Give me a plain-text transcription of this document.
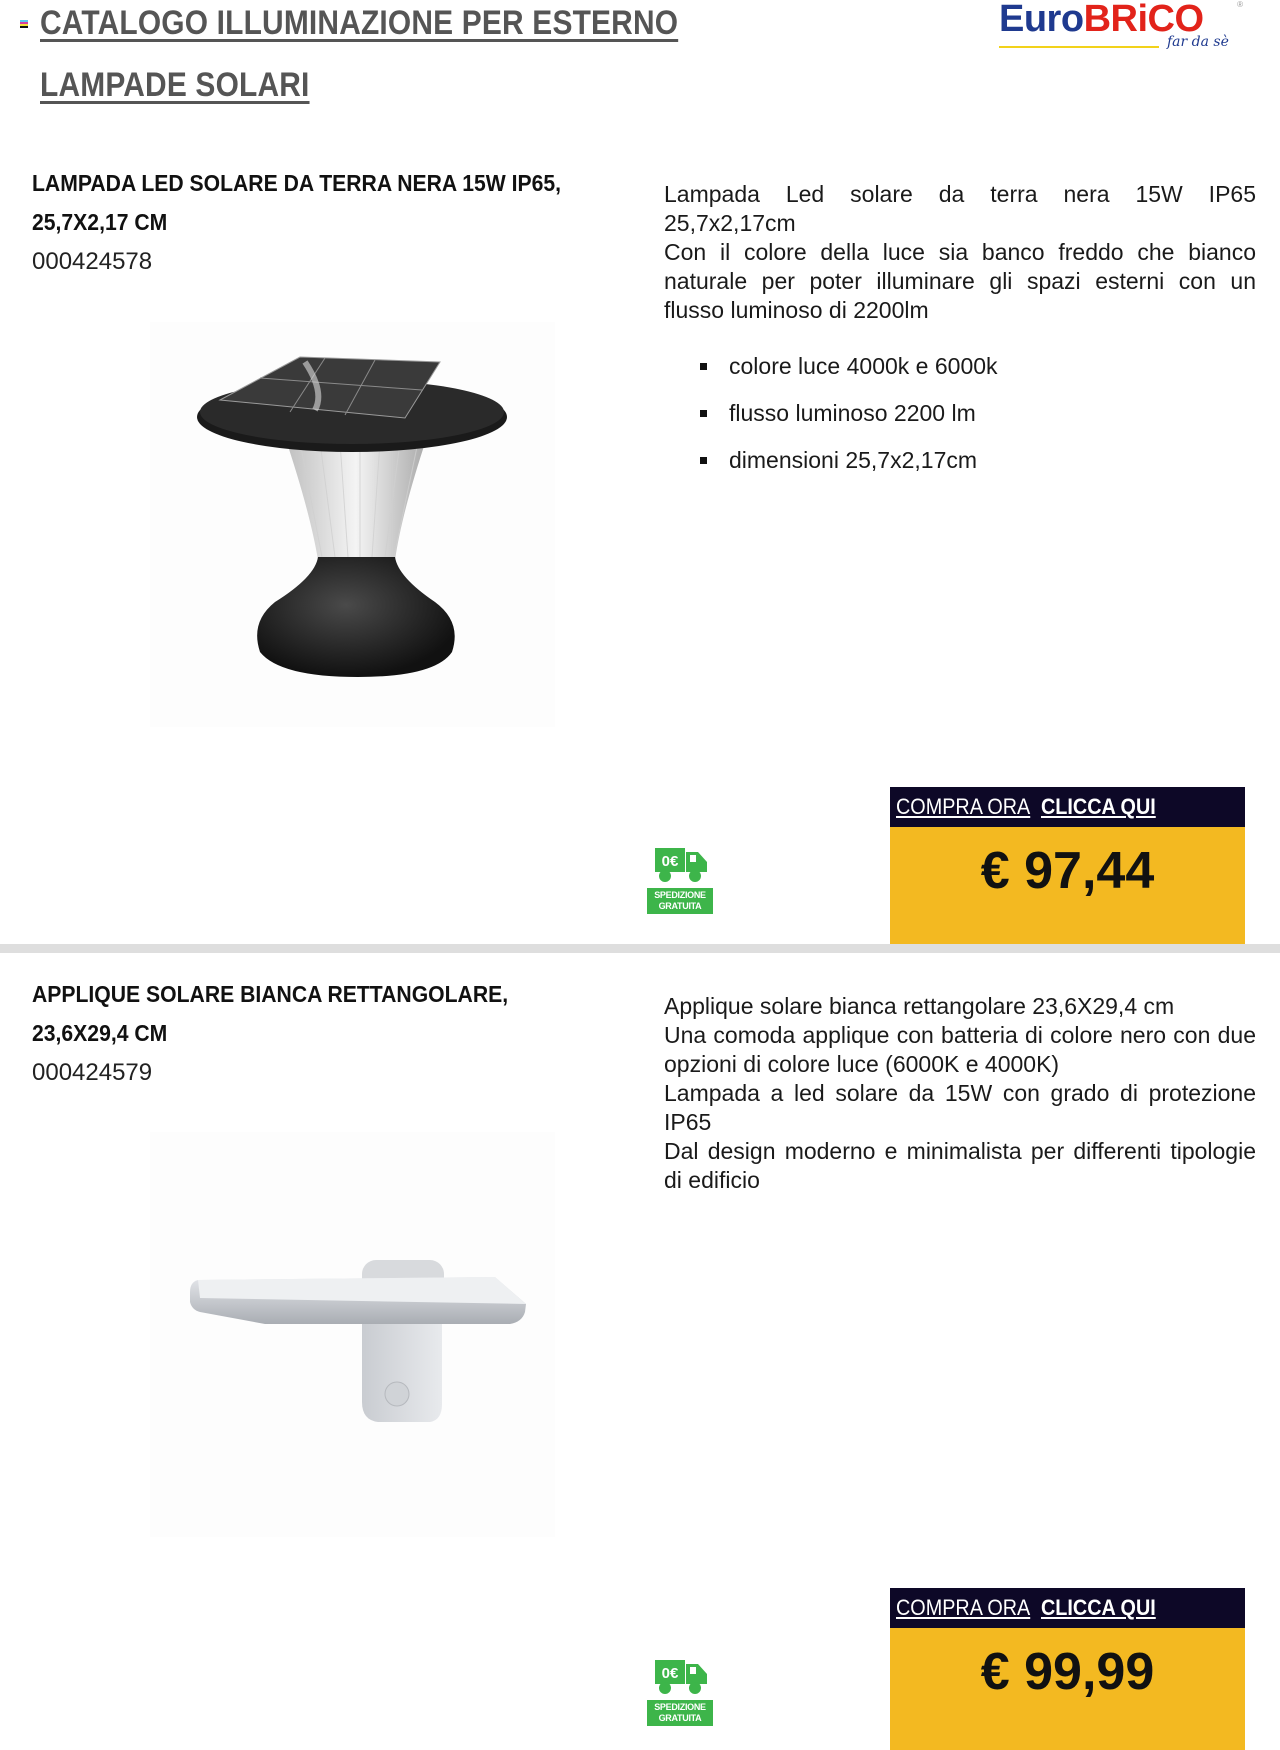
CATALOGO ILLUMINAZIONE PER ESTERNO
LAMPADE SOLARI
EuroBRiCO	®
far da sè
LAMPADA LED SOLARE DA TERRA NERA 15W IP65, 25,7X2,17 CM
000424578

Lampada Led solare da terra nera 15W IP65 25,7x2,17cm

Con il colore della luce sia banco freddo che bianco naturale per poter illuminare gli spazi esterni con un flusso luminoso di 2200lm

colore luce 4000k e 6000k
flusso luminoso 2200 lm
dimensioni 25,7x2,17cm
0€
SPEDIZIONE
GRATUITA
COMPRA ORA CLICCA QUI
€ 97,44
APPLIQUE SOLARE BIANCA RETTANGOLARE, 23,6X29,4 CM
000424579

Applique solare bianca rettangolare 23,6X29,4 cm

Una comoda applique con batteria di colore nero con due opzioni di colore luce (6000K e 4000K)

Lampada a led solare da 15W con grado di protezione IP65

Dal design moderno e minimalista per differenti tipologie di edificio

0€
SPEDIZIONE
GRATUITA
COMPRA ORA CLICCA QUI
€ 99,99
